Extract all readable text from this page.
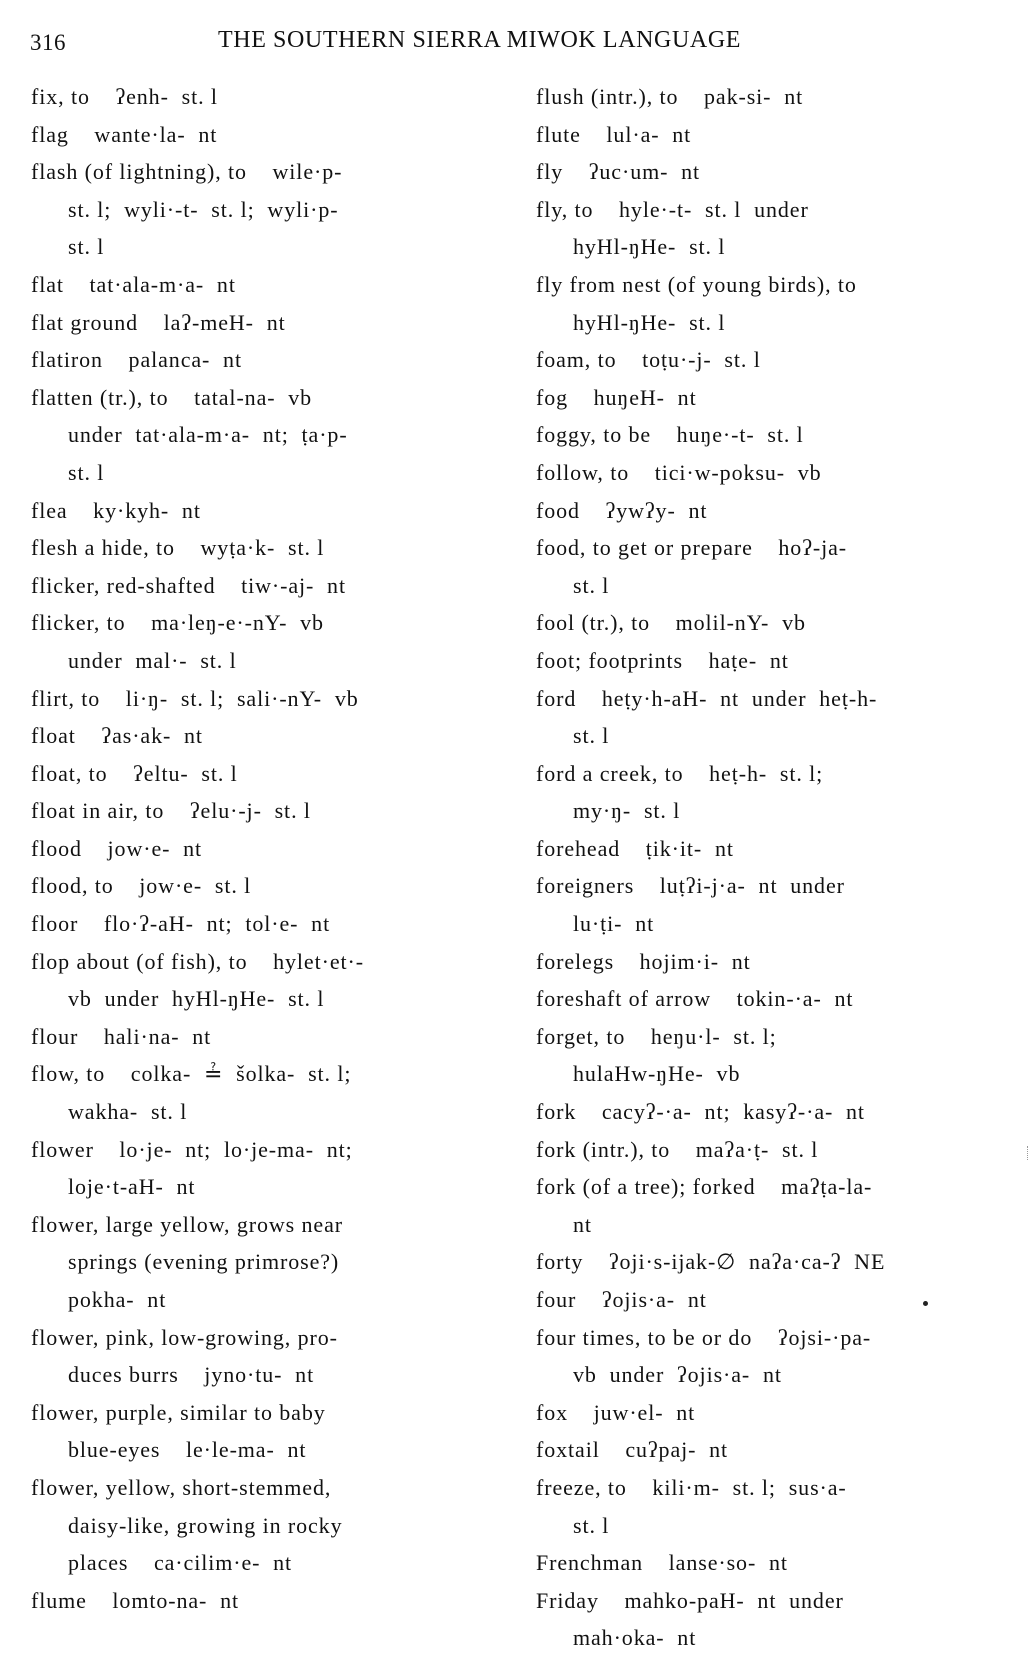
316	THE SOUTHERN SIERRA MIWOK LANGUAGE
fix, to    ʔenh-  st. l
flag    wante·la-  nt
flash (of lightning), to    wile·p-
st. l;  wyli·-t-  st. l;  wyli·p-
st. l
flat    tat·ala-m·a-  nt
flat ground    laʔ-meH-  nt
flatiron    palanca-  nt
flatten (tr.), to    tatal-na-  vb
under  tat·ala-m·a-  nt;  ṭa·p-
st. l
flea    ky·kyh-  nt
flesh a hide, to    wyṭa·k-  st. l
flicker, red-shafted    tiw·-aj-  nt
flicker, to    ma·leŋ-e·-nY-  vb
under  mal·-  st. l
flirt, to    li·ŋ-  st. l;  sali·-nY-  vb
float    ʔas·ak-  nt
float, to    ʔeltu-  st. l
float in air, to    ʔelu·-j-  st. l
flood    jow·e-  nt
flood, to    jow·e-  st. l
floor    flo·ʔ-aH-  nt;  tol·e-  nt
flop about (of fish), to    hylet·et·-
vb  under  hyHl-ŋHe-  st. l
flour    hali·na-  nt
flow, to    colka-  ≟  šolka-  st. l;
wakha-  st. l
flower    lo·je-  nt;  lo·je-ma-  nt;
loje·t-aH-  nt
flower, large yellow, grows near
springs (evening primrose?)
pokha-  nt
flower, pink, low-growing, pro-
duces burrs    jyno·tu-  nt
flower, purple, similar to baby
blue-eyes    le·le-ma-  nt
flower, yellow, short-stemmed,
daisy-like, growing in rocky
places    ca·cilim·e-  nt
flume    lomto-na-  nt
flush (intr.), to    pak-si-  nt
flute    lul·a-  nt
fly    ʔuc·um-  nt
fly, to    hyle·-t-  st. l  under
hyHl-ŋHe-  st. l
fly from nest (of young birds), to
hyHl-ŋHe-  st. l
foam, to    toṭu·-j-  st. l
fog    huŋeH-  nt
foggy, to be    huŋe·-t-  st. l
follow, to    tici·w-poksu-  vb
food    ʔywʔy-  nt
food, to get or prepare    hoʔ-ja-
st. l
fool (tr.), to    molil-nY-  vb
foot; footprints    haṭe-  nt
ford    heṭy·h-aH-  nt  under  heṭ-h-
st. l
ford a creek, to    heṭ-h-  st. l;
my·ŋ-  st. l
forehead    ṭik·it-  nt
foreigners    luṭʔi-j·a-  nt  under
lu·ṭi-  nt
forelegs    hojim·i-  nt
foreshaft of arrow    tokin-·a-  nt
forget, to    heŋu·l-  st. l;
hulaHw-ŋHe-  vb
fork    cacyʔ-·a-  nt;  kasyʔ-·a-  nt
fork (intr.), to    maʔa·ṭ-  st. l
fork (of a tree); forked    maʔṭa-la-
nt
forty    ʔoji·s-ijak-∅  naʔa·ca-ʔ  NE
four    ʔojis·a-  nt
four times, to be or do    ʔojsi-·pa-
vb  under  ʔojis·a-  nt
fox    juw·el-  nt
foxtail    cuʔpaj-  nt
freeze, to    kili·m-  st. l;  sus·a-
st. l
Frenchman    lanse·so-  nt
Friday    mahko-paH-  nt  under
mah·oka-  nt
